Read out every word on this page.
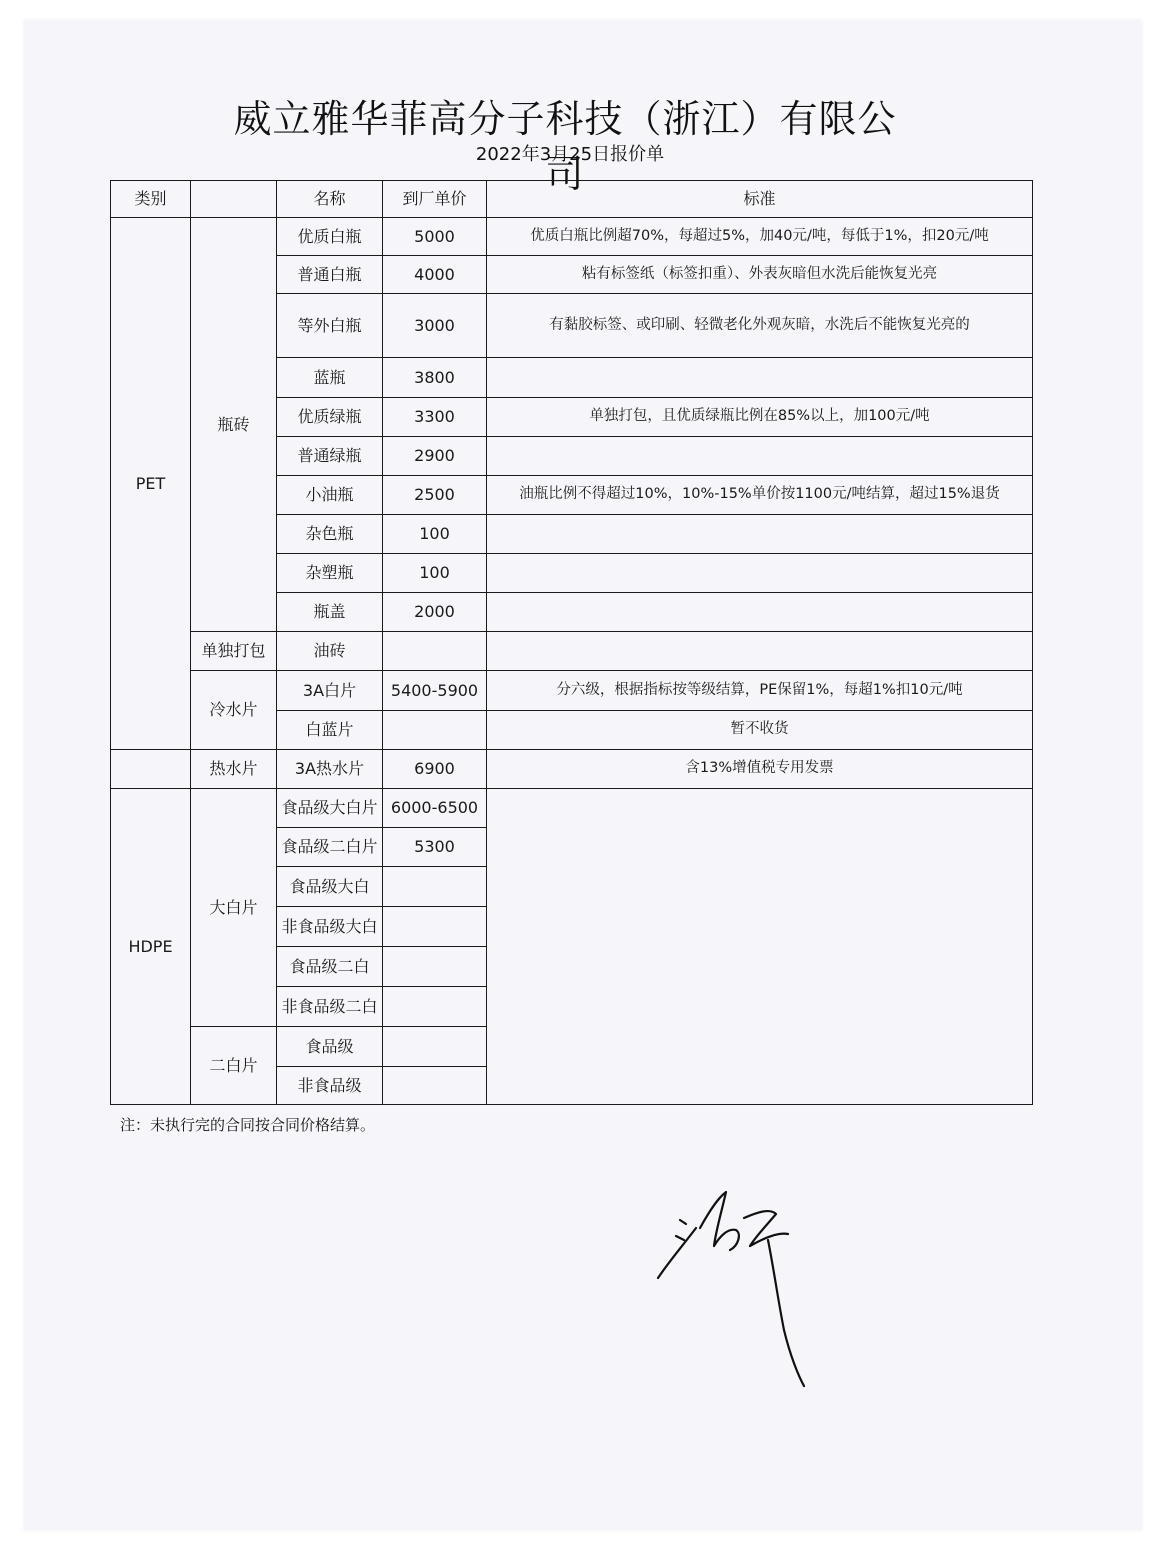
威立雅华菲高分子科技（浙江）有限公司
2022年3月25日报价单
类别		名称	到厂单价	标准
PET	瓶砖	优质白瓶	5000	优质白瓶比例超70%，每超过5%，加40元/吨，每低于1%，扣20元/吨
		普通白瓶	4000	粘有标签纸（标签扣重）、外表灰暗但水洗后能恢复光亮
		等外白瓶	3000	有黏胶标签、或印刷、轻微老化外观灰暗，水洗后不能恢复光亮的
		蓝瓶	3800	
		优质绿瓶	3300	单独打包，且优质绿瓶比例在85%以上，加100元/吨
		普通绿瓶	2900	
		小油瓶	2500	油瓶比例不得超过10%，10%-15%单价按1100元/吨结算，超过15%退货
		杂色瓶	100	
		杂塑瓶	100	
		瓶盖	2000	
	单独打包	油砖		
	冷水片	3A白片	5400-5900	分六级，根据指标按等级结算，PE保留1%，每超1%扣10元/吨
		白蓝片		暂不收货
	热水片	3A热水片	6900	含13%增值税专用发票
HDPE	大白片	食品级大白片	6000-6500	
		食品级二白片	5300	
		食品级大白		
		非食品级大白		
		食品级二白		
		非食品级二白		
	二白片	食品级		
		非食品级		
注：未执行完的合同按合同价格结算。
